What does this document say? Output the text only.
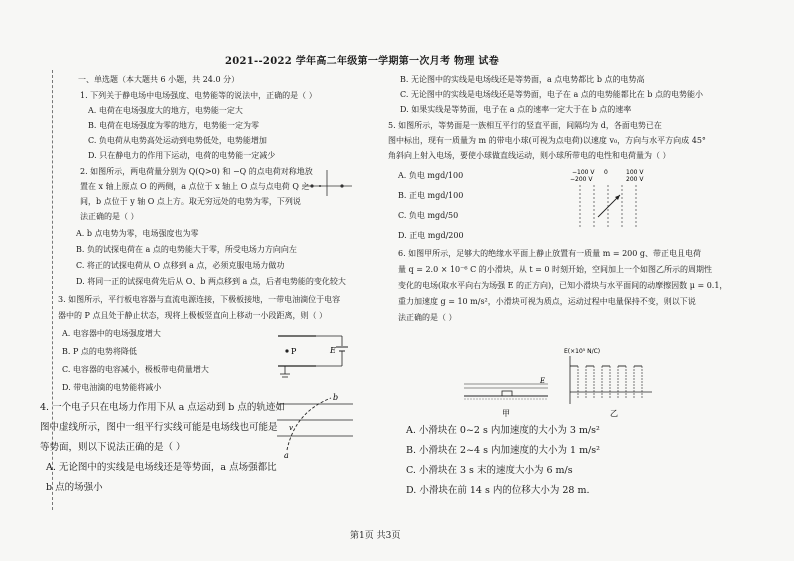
2021--2022 学年高二年级第一学期第一次月考 物理 试卷
一、单选题（本大题共 6 小题，共 24.0 分）
1. 下列关于静电场中电场强度、电势能等的说法中，正确的是（ ）
A. 电荷在电场强度大的地方，电势能一定大
B. 电荷在电场强度为零的地方，电势能一定为零
C. 负电荷从电势高处运动到电势低处，电势能增加
D. 只在静电力的作用下运动，电荷的电势能一定减少
2. 如图所示，两电荷量分别为 Q(Q>0) 和 −Q 的点电荷对称地放
置在 x 轴上原点 O 的两侧，a 点位于 x 轴上 O 点与点电荷 Q 之
间，b 点位于 y 轴 O 点上方。取无穷远处的电势为零，下列说
法正确的是（ ）
A. b 点电势为零，电场强度也为零
B. 负的试探电荷在 a 点的电势能大于零，所受电场力方向向左
C. 将正的试探电荷从 O 点移到 a 点，必须克服电场力做功
D. 将同一正的试探电荷先后从 O、b 两点移到 a 点，后者电势能的变化较大
3. 如图所示，平行板电容器与直流电源连接，下极板接地，一带电油滴位于电容
器中的 P 点且处于静止状态，现将上极板竖直向上移动一小段距离，则（ ）
A. 电容器中的电场强度增大
B. P 点的电势将降低
C. 电容器的电容减小，极板带电荷量增大
D. 带电油滴的电势能将减小
4. 一个电子只在电场力作用下从 a 点运动到 b 点的轨迹如
图中虚线所示，图中一组平行实线可能是电场线也可能是
等势面，则以下说法正确的是（ ）
A. 无论图中的实线是电场线还是等势面，a 点场强都比
b 点的场强小
P	E
b
a
v
B. 无论图中的实线是电场线还是等势面，a 点电势都比 b 点的电势高
C. 无论图中的实线是电场线还是等势面，电子在 a 点的电势能都比在 b 点的电势能小
D. 如果实线是等势面，电子在 a 点的速率一定大于在 b 点的速率
5. 如图所示，等势面是一族相互平行的竖直平面，间隔均为 d，各面电势已在
图中标出，现有一质量为 m 的带电小球(可视为点电荷)以速度 v₀，方向与水平方向成 45°
角斜向上射入电场，要使小球做直线运动，则小球所带电的电性和电荷量为（ ）
A. 负电 mgd/100
B. 正电 mgd/100
C. 负电 mgd/50
D. 正电 mgd/200
6. 如图甲所示，足够大的绝缘水平面上静止放置有一质量 m = 200 g、带正电且电荷
量 q = 2.0 × 10⁻⁶ C 的小滑块，从 t = 0 时刻开始，空间加上一个如图乙所示的周期性
变化的电场(取水平向右为场强 E 的正方向)，已知小滑块与水平面间的动摩擦因数 μ = 0.1，
重力加速度 g = 10 m/s²，小滑块可视为质点，运动过程中电量保持不变，则以下说
法正确的是（ ）
A. 小滑块在 0~2 s 内加速度的大小为 3 m/s²
B. 小滑块在 2~4 s 内加速度的大小为 1 m/s²
C. 小滑块在 3 s 末的速度大小为 6 m/s
D. 小滑块在前 14 s 内的位移大小为 28 m.
−100 V 0	100 V
200 V
−200 V
E
甲
E(×10⁵ N/C)
乙
第1页 共3页
